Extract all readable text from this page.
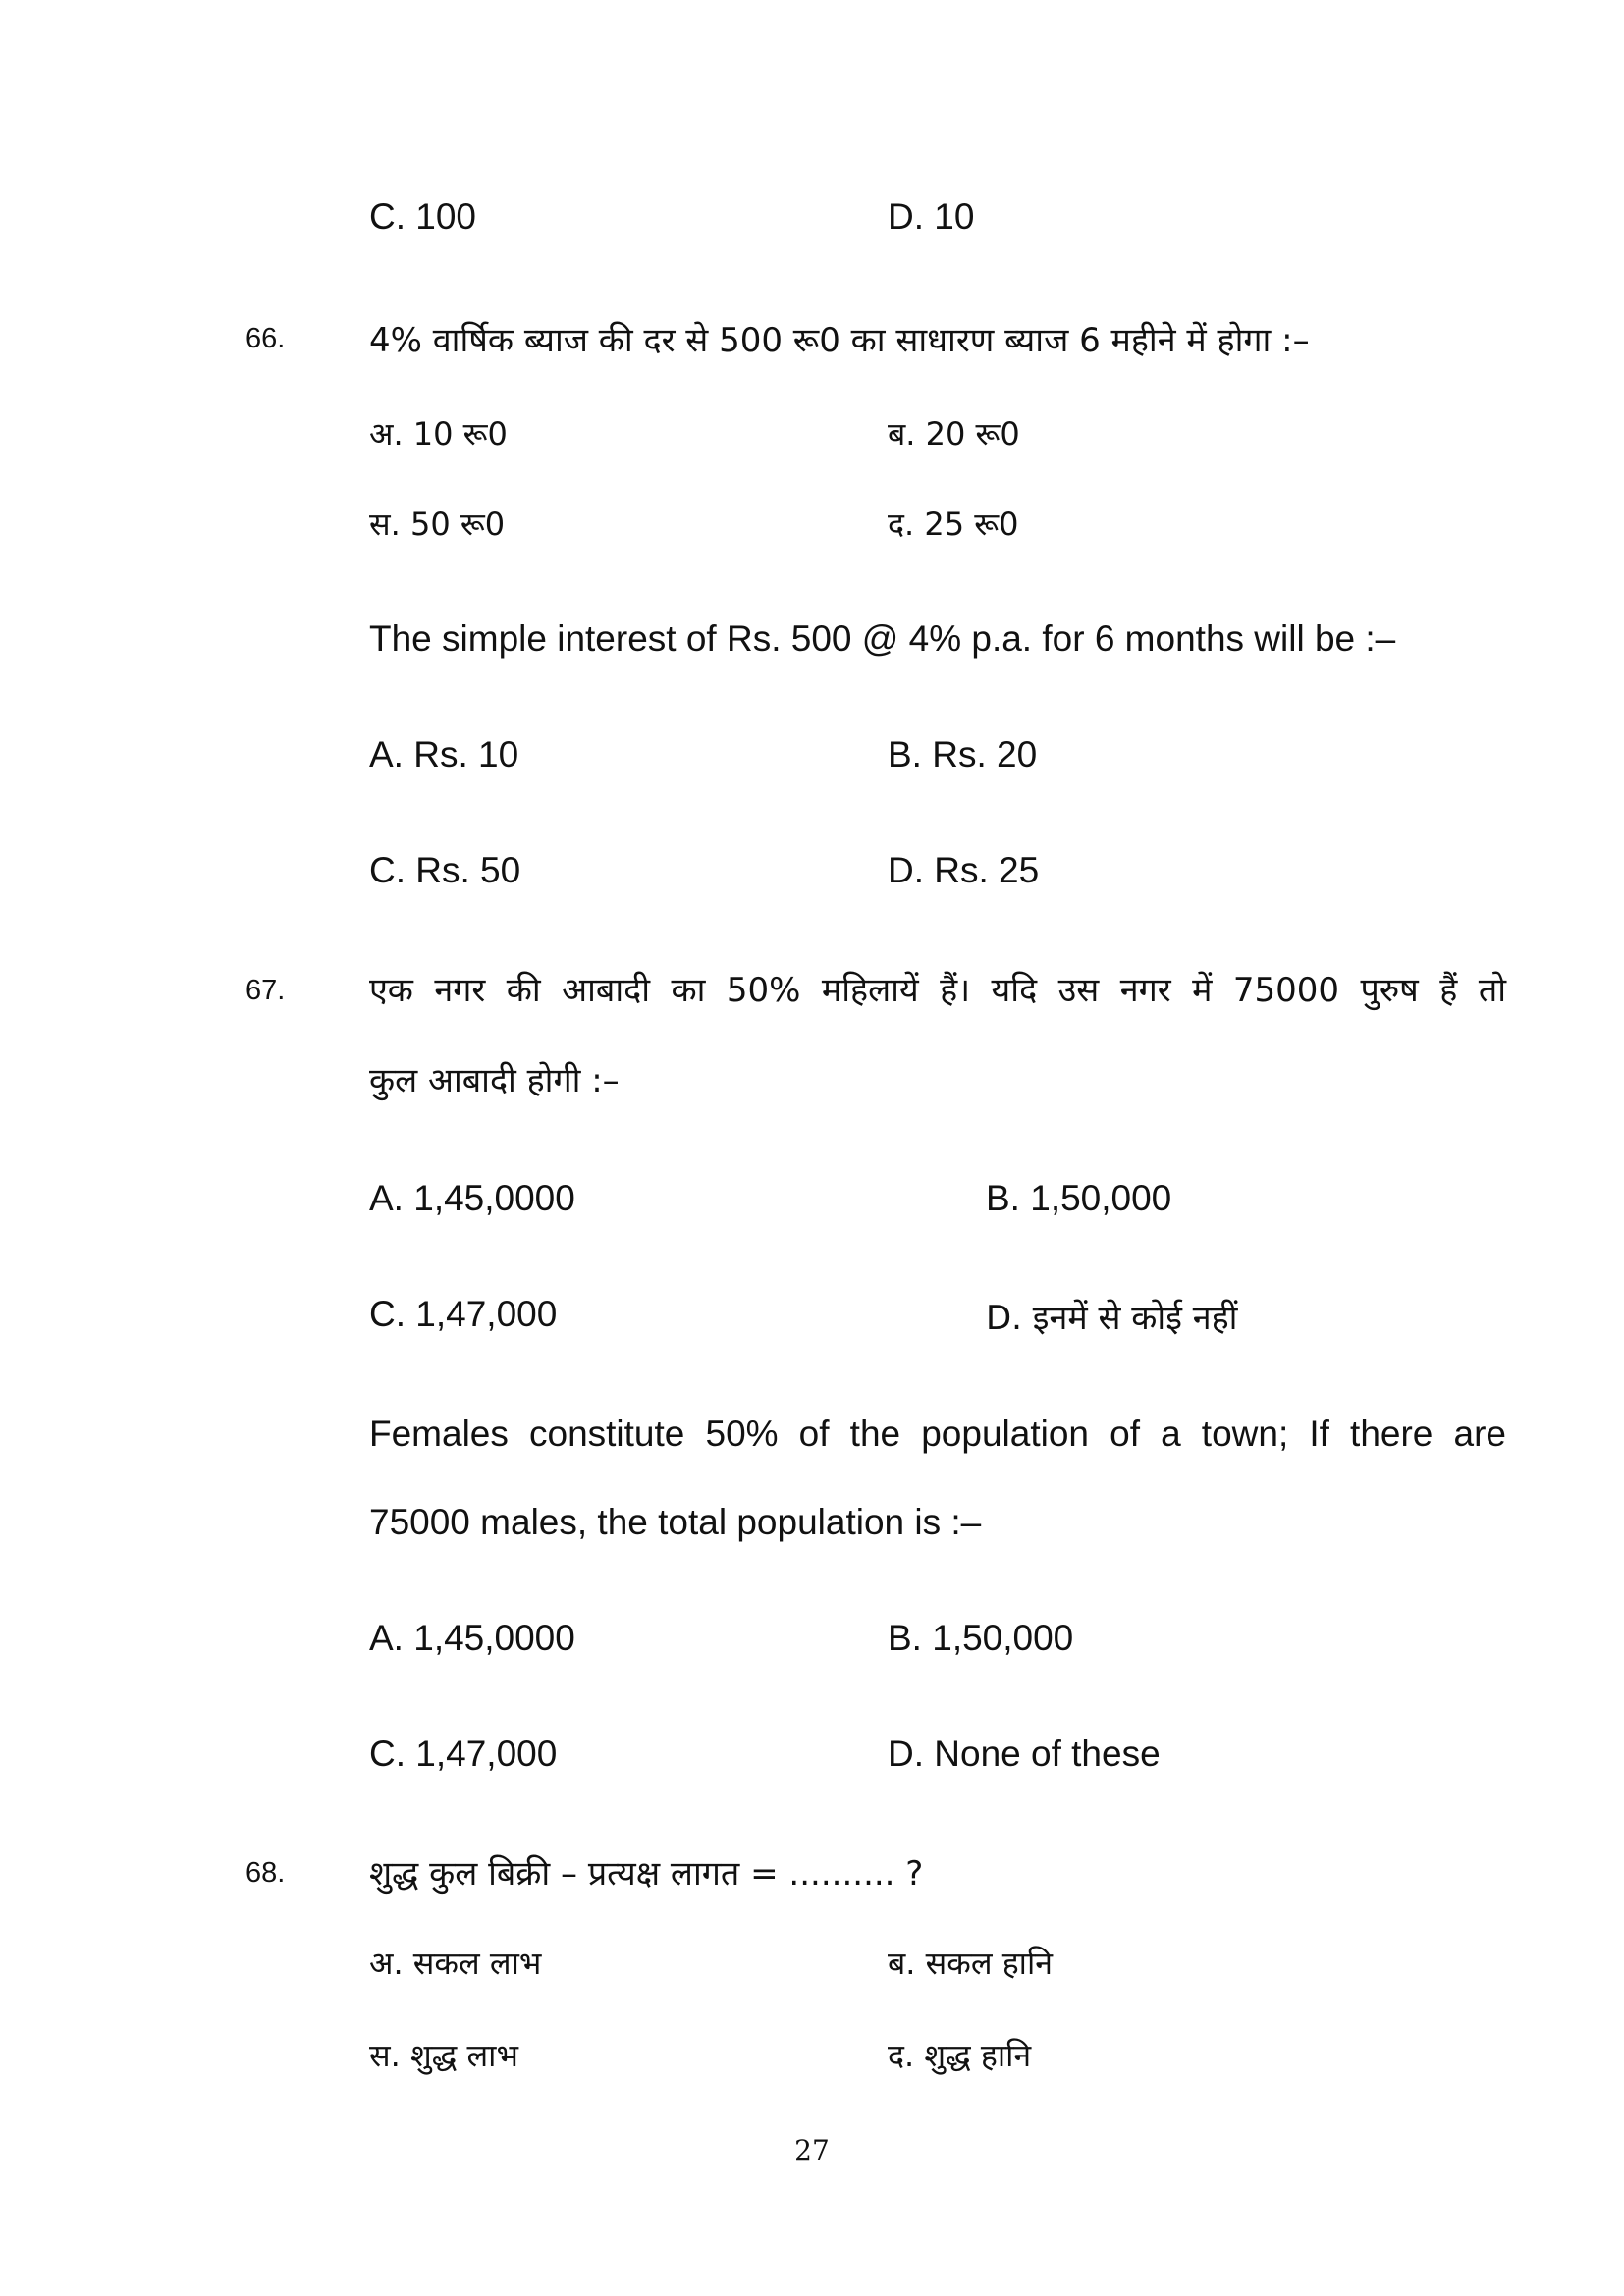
C. 100	D. 10
66.	4% वार्षिक ब्याज की दर से 500 रू0 का साधारण ब्याज 6 महीने में होगा :–
अ. 10 रू0	ब. 20 रू0
स. 50 रू0	द. 25 रू0
The simple interest of Rs. 500 @ 4% p.a. for 6 months will be :–
A. Rs. 10	B. Rs. 20
C. Rs. 50	D. Rs. 25
67.	एक नगर की आबादी का 50% महिलायें हैं। यदि उस नगर में 75000 पुरुष हैं तो
कुल आबादी होगी :–
A. 1,45,0000	B. 1,50,000
C. 1,47,000	D. इनमें से कोई नहीं
Females constitute 50% of the population of a town; If there are
75000 males, the total population is :–
A. 1,45,0000	B. 1,50,000
C. 1,47,000	D. None of these
68.	शुद्ध कुल बिक्री – प्रत्यक्ष लागत = .......... ?
अ. सकल लाभ	ब. सकल हानि
स. शुद्ध लाभ	द. शुद्ध हानि
27
